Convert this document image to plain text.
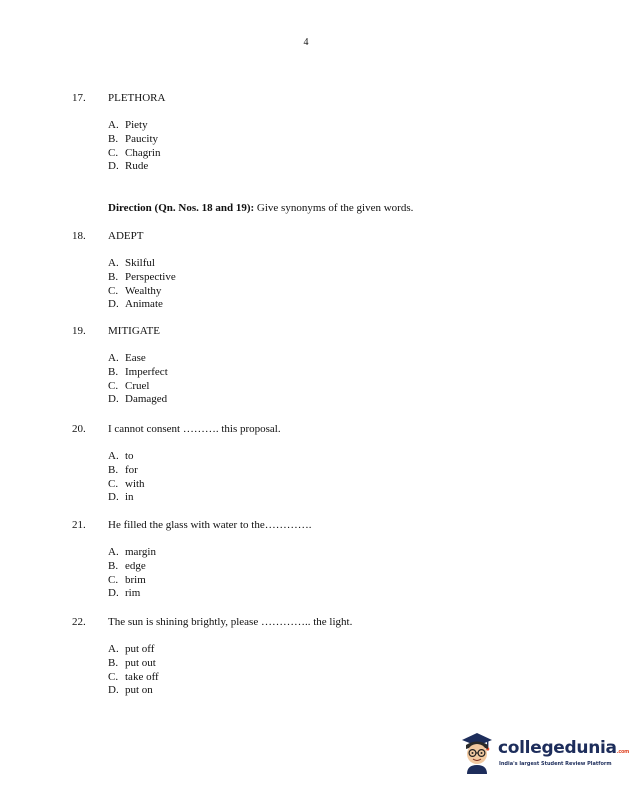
4
17. PLETHORA
A. Piety
B. Paucity
C. Chagrin
D. Rude
Direction (Qn. Nos. 18 and 19): Give synonyms of the given words.
18. ADEPT
A. Skilful
B. Perspective
C. Wealthy
D. Animate
19. MITIGATE
A. Ease
B. Imperfect
C. Cruel
D. Damaged
20. I cannot consent ………. this proposal.
A. to
B. for
C. with
D. in
21. He filled the glass with water to the………….
A. margin
B. edge
C. brim
D. rim
22. The sun is shining brightly, please ………….. the light.
A. put off
B. put out
C. take off
D. put on
collegedunia.com
India's largest Student Review Platform
